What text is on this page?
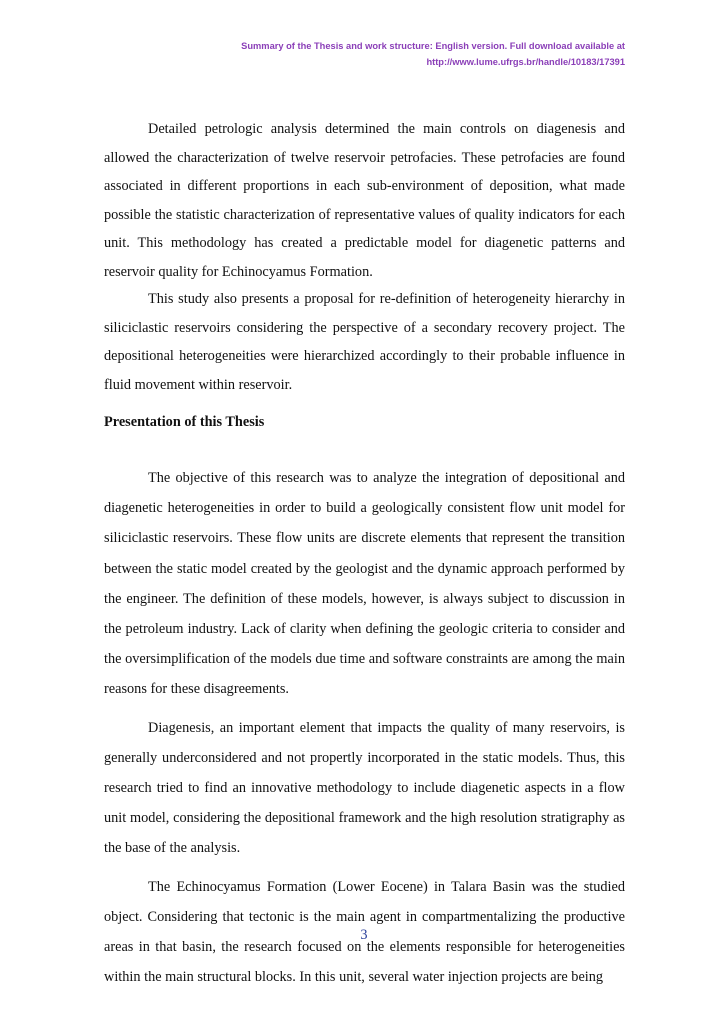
Summary of the Thesis and work structure: English version. Full download available at
http://www.lume.ufrgs.br/handle/10183/17391

Detailed petrologic analysis determined the main controls on diagenesis and allowed the characterization of twelve reservoir petrofacies. These petrofacies are found associated in different proportions in each sub-environment of deposition, what made possible the statistic characterization of representative values of quality indicators for each unit. This methodology has created a predictable model for diagenetic patterns and reservoir quality for Echinocyamus Formation.

This study also presents a proposal for re-definition of heterogeneity hierarchy in siliciclastic reservoirs considering the perspective of a secondary recovery project. The depositional heterogeneities were hierarchized accordingly to their probable influence in fluid movement within reservoir.

Presentation of this Thesis

The objective of this research was to analyze the integration of depositional and diagenetic heterogeneities in order to build a geologically consistent flow unit model for siliciclastic reservoirs. These flow units are discrete elements that represent the transition between the static model created by the geologist and the dynamic approach performed by the engineer. The definition of these models, however, is always subject to discussion in the petroleum industry. Lack of clarity when defining the geologic criteria to consider and the oversimplification of the models due time and software constraints are among the main reasons for these disagreements.

Diagenesis, an important element that impacts the quality of many reservoirs, is generally underconsidered and not propertly incorporated in the static models. Thus, this research tried to find an innovative methodology to include diagenetic aspects in a flow unit model, considering the depositional framework and the high resolution stratigraphy as the base of the analysis.

The Echinocyamus Formation (Lower Eocene) in Talara Basin was the studied object. Considering that tectonic is the main agent in compartmentalizing the productive areas in that basin, the research focused on the elements responsible for heterogeneities within the main structural blocks. In this unit, several water injection projects are being

3
